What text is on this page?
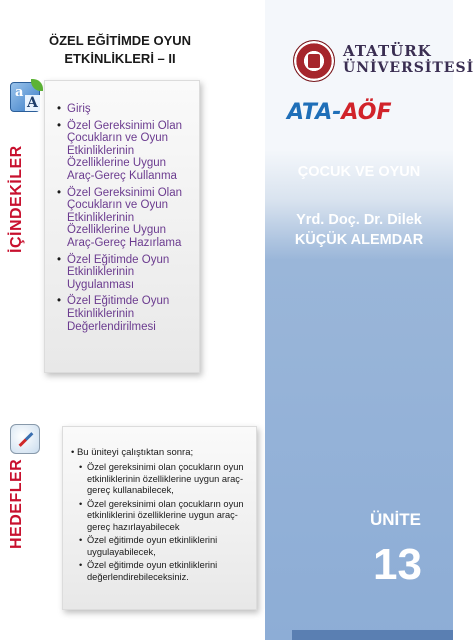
ÖZEL EĞİTİMDE OYUN
ETKİNLİKLERİ – II
a
A
İÇİNDEKİLER
• Giriş
• Özel Gereksinimi Olan Çocukların ve Oyun Etkinliklerinin Özelliklerine Uygun Araç-Gereç Kullanma
• Özel Gereksinimi Olan Çocukların ve Oyun Etkinliklerinin Özelliklerine Uygun Araç-Gereç Hazırlama
• Özel Eğitimde Oyun Etkinliklerinin Uygulanması
• Özel Eğitimde Oyun Etkinliklerinin Değerlendirilmesi
HEDEFLER
• Bu üniteyi çalıştıktan sonra;
• Özel gereksinimi olan çocukların oyun etkinliklerinin özelliklerine uygun araç-gereç kullanabilecek,
• Özel gereksinimi olan çocukların oyun etkinliklerini özelliklerine uygun araç-gereç hazırlayabilecek
• Özel eğitimde oyun etkinliklerini uygulayabilecek,
• Özel eğitimde oyun etkinliklerini değerlendirebileceksiniz.
ATATÜRK
ÜNİVERSİTESİ
ATA-AÖF
ÇOCUK VE OYUN
Yrd. Doç. Dr. Dilek
KÜÇÜK ALEMDAR
ÜNİTE
13
